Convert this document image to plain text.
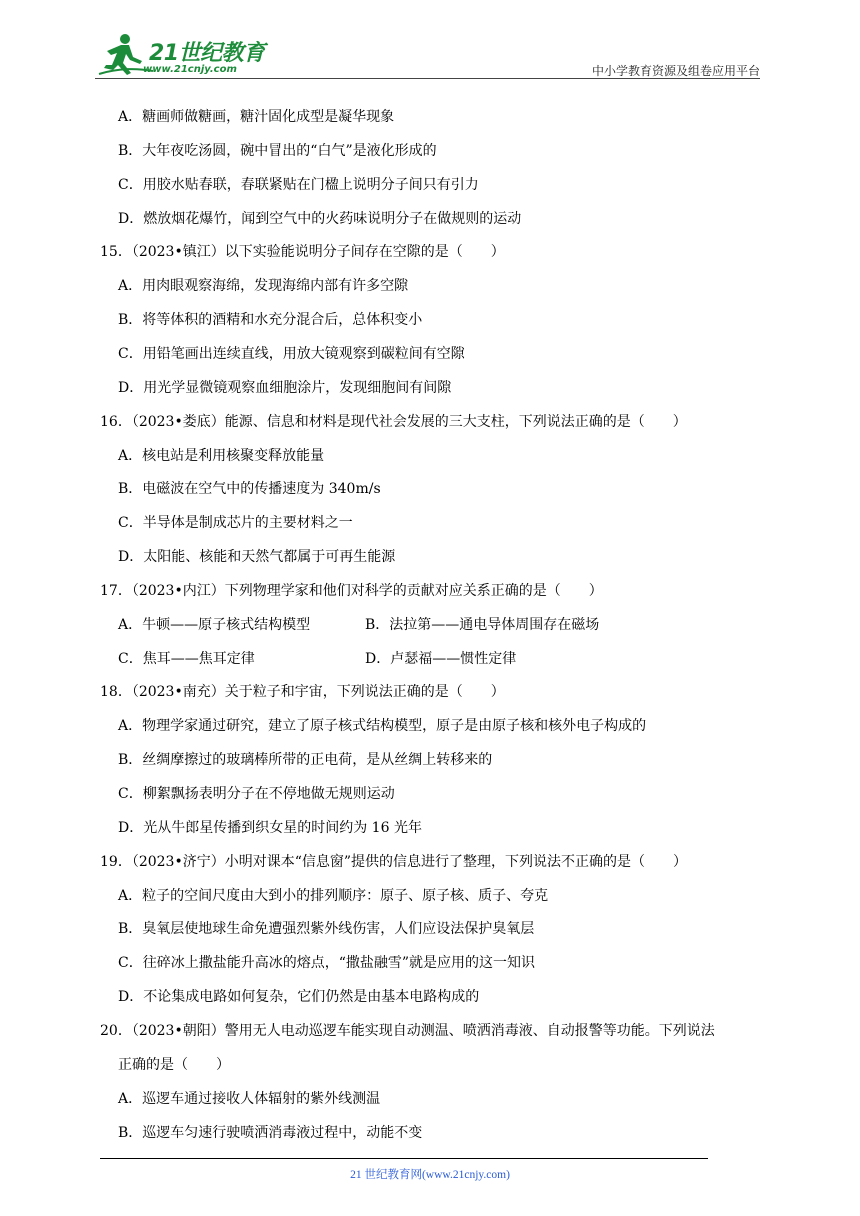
21世纪教育
www.21cnjy.com	中小学教育资源及组卷应用平台
A．糖画师做糖画，糖汁固化成型是凝华现象
B．大年夜吃汤圆，碗中冒出的“白气”是液化形成的
C．用胶水贴春联，春联紧贴在门楹上说明分子间只有引力
D．燃放烟花爆竹，闻到空气中的火药味说明分子在做规则的运动
15．（2023•镇江）以下实验能说明分子间存在空隙的是（　　）
A．用肉眼观察海绵，发现海绵内部有许多空隙
B．将等体积的酒精和水充分混合后，总体积变小
C．用铅笔画出连续直线，用放大镜观察到碳粒间有空隙
D．用光学显微镜观察血细胞涂片，发现细胞间有间隙
16．（2023•娄底）能源、信息和材料是现代社会发展的三大支柱，下列说法正确的是（　　）
A．核电站是利用核聚变释放能量
B．电磁波在空气中的传播速度为 340m/s
C．半导体是制成芯片的主要材料之一
D．太阳能、核能和天然气都属于可再生能源
17．（2023•内江）下列物理学家和他们对科学的贡献对应关系正确的是（　　）
A．牛顿——原子核式结构模型	B．法拉第——通电导体周围存在磁场
C．焦耳——焦耳定律	D．卢瑟福——惯性定律
18．（2023•南充）关于粒子和宇宙，下列说法正确的是（　　）
A．物理学家通过研究，建立了原子核式结构模型，原子是由原子核和核外电子构成的
B．丝绸摩擦过的玻璃棒所带的正电荷，是从丝绸上转移来的
C．柳絮飘扬表明分子在不停地做无规则运动
D．光从牛郎星传播到织女星的时间约为 16 光年
19．（2023•济宁）小明对课本“信息窗”提供的信息进行了整理，下列说法不正确的是（　　）
A．粒子的空间尺度由大到小的排列顺序：原子、原子核、质子、夸克
B．臭氧层使地球生命免遭强烈紫外线伤害，人们应设法保护臭氧层
C．往碎冰上撒盐能升高冰的熔点，“撒盐融雪”就是应用的这一知识
D．不论集成电路如何复杂，它们仍然是由基本电路构成的
20．（2023•朝阳）警用无人电动巡逻车能实现自动测温、喷洒消毒液、自动报警等功能。下列说法
正确的是（　　）
A．巡逻车通过接收人体辐射的紫外线测温
B．巡逻车匀速行驶喷洒消毒液过程中，动能不变
21 世纪教育网(www.21cnjy.com)
